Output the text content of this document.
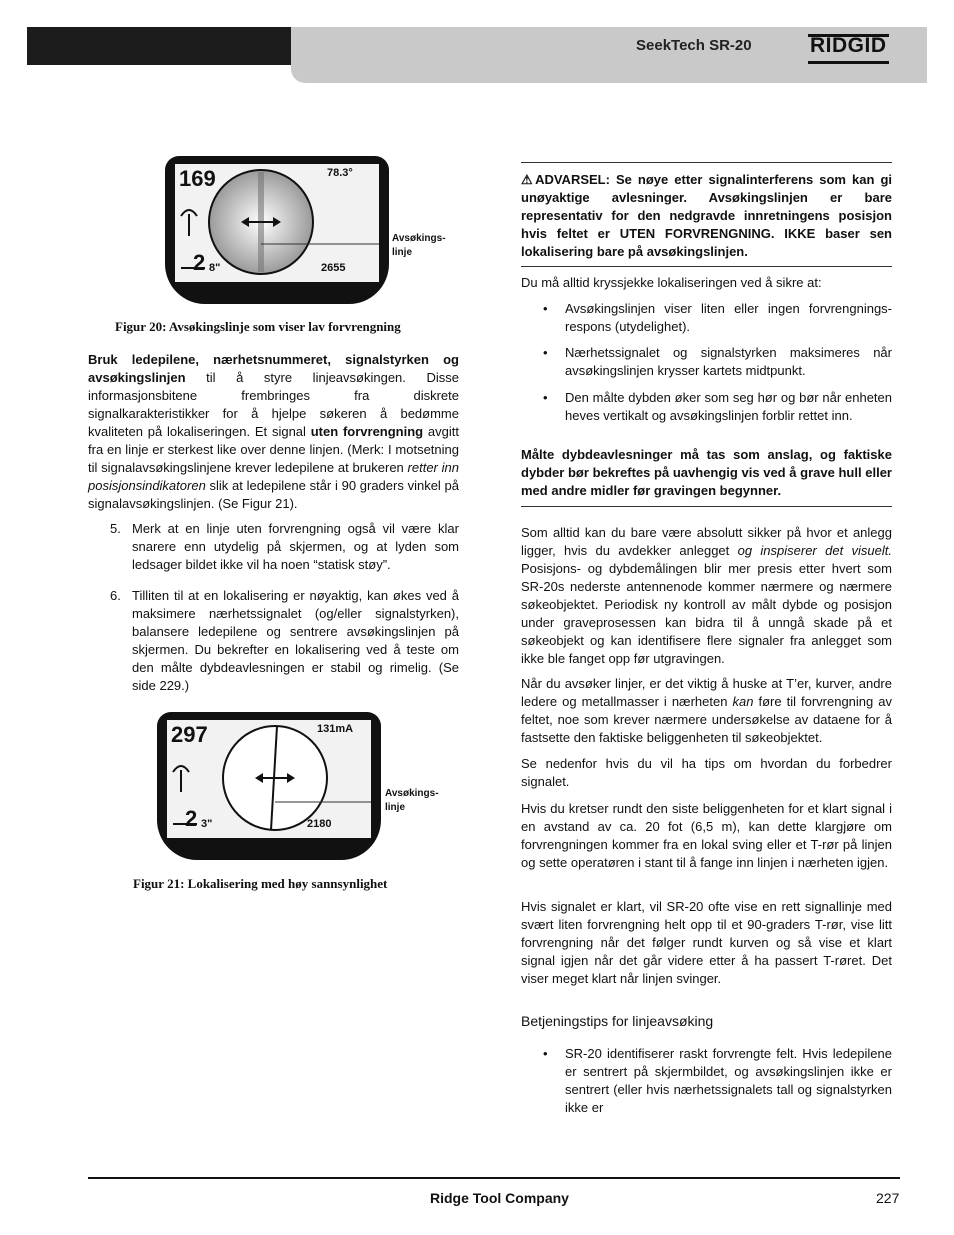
SeekTech SR-20	RIDGID
169	78.3°
2 8"	2655
Avsøkings-
linje
Figur 20: Avsøkingslinje som viser lav forvrengning

Bruk ledepilene, nærhetsnummeret, signalstyrken og avsøkingslinjen til å styre linjeavsøkingen. Disse informasjonsbitene frembringes fra diskrete signalkarakteristikker for å hjelpe søkeren å bedømme kvaliteten på lokaliseringen. Et signal uten forvrengning avgitt fra en linje er sterkest like over denne linjen. (Merk: I motsetning til signalavsøkingslinjene krever ledepilene at brukeren retter inn posisjonsindikatoren slik at ledepilene står i 90 graders vinkel på signalavsøkingslinjen. (Se Figur 21).

5. Merk at en linje uten forvrengning også vil være klar snarere enn utydelig på skjermen, og at lyden som ledsager bildet ikke vil ha noen “statisk støy”.
6. Tilliten til at en lokalisering er nøyaktig, kan økes ved å maksimere nærhetssignalet (og/eller signalstyrken), balansere ledepilene og sentrere avsøkingslinjen på skjermen. Du bekrefter en lokalisering ved å teste om den målte dybdeavlesningen er stabil og rimelig. (Se side 229.)
297	131mA
2 3"	2180
Avsøkings-
linje
Figur 21: Lokalisering med høy sannsynlighet

⚠ADVARSEL: Se nøye etter signalinterferens som kan gi unøyaktige avlesninger. Avsøkingslinjen er bare representativ for den nedgravde innretningens posisjon hvis feltet er UTEN FORVRENGNING. IKKE baser sen lokalisering bare på avsøkingslinjen.

Du må alltid kryssjekke lokaliseringen ved å sikre at:
• Avsøkingslinjen viser liten eller ingen forvrengnings-respons (utydelighet).
• Nærhetssignalet og signalstyrken maksimeres når avsøkingslinjen krysser kartets midtpunkt.
• Den målte dybden øker som seg hør og bør når enheten heves vertikalt og avsøkingslinjen forblir rettet inn.

Målte dybdeavlesninger må tas som anslag, og faktiske dybder bør bekreftes på uavhengig vis ved å grave hull eller med andre midler før gravingen begynner.

Som alltid kan du bare være absolutt sikker på hvor et anlegg ligger, hvis du avdekker anlegget og inspiserer det visuelt. Posisjons- og dybdemålingen blir mer presis etter hvert som SR-20s nederste antennenode kommer nærmere og nærmere søkeobjektet. Periodisk ny kontroll av målt dybde og posisjon under graveprosessen kan bidra til å unngå skade på et søkeobjekt og kan identifisere flere signaler fra anlegget som ikke ble fanget opp før utgravingen.

Når du avsøker linjer, er det viktig å huske at T’er, kurver, andre ledere og metallmasser i nærheten kan føre til forvrengning av feltet, noe som krever nærmere undersøkelse av dataene for å fastsette den faktiske beliggenheten til søkeobjektet.

Se nedenfor hvis du vil ha tips om hvordan du forbedrer signalet.
Hvis du kretser rundt den siste beliggenheten for et klart signal i en avstand av ca. 20 fot (6,5 m), kan dette klargjøre om forvrengningen kommer fra en lokal sving eller et T-rør på linjen og sette operatøren i stant til å fange inn linjen i nærheten igjen.
Hvis signalet er klart, vil SR-20 ofte vise en rett signallinje med svært liten forvrengning helt opp til et 90-graders T-rør, vise litt forvrengning når det følger rundt kurven og så vise et klart signal igjen når det går videre etter å ha passert T-røret. Det viser meget klart når linjen svinger.
Betjeningstips for linjeavsøking
• SR-20 identifiserer raskt forvrengte felt. Hvis ledepilene er sentrert på skjermbildet, og avsøkingslinjen ikke er sentrert (eller hvis nærhetssignalets tall og signalstyrken ikke er
Ridge Tool Company	227
